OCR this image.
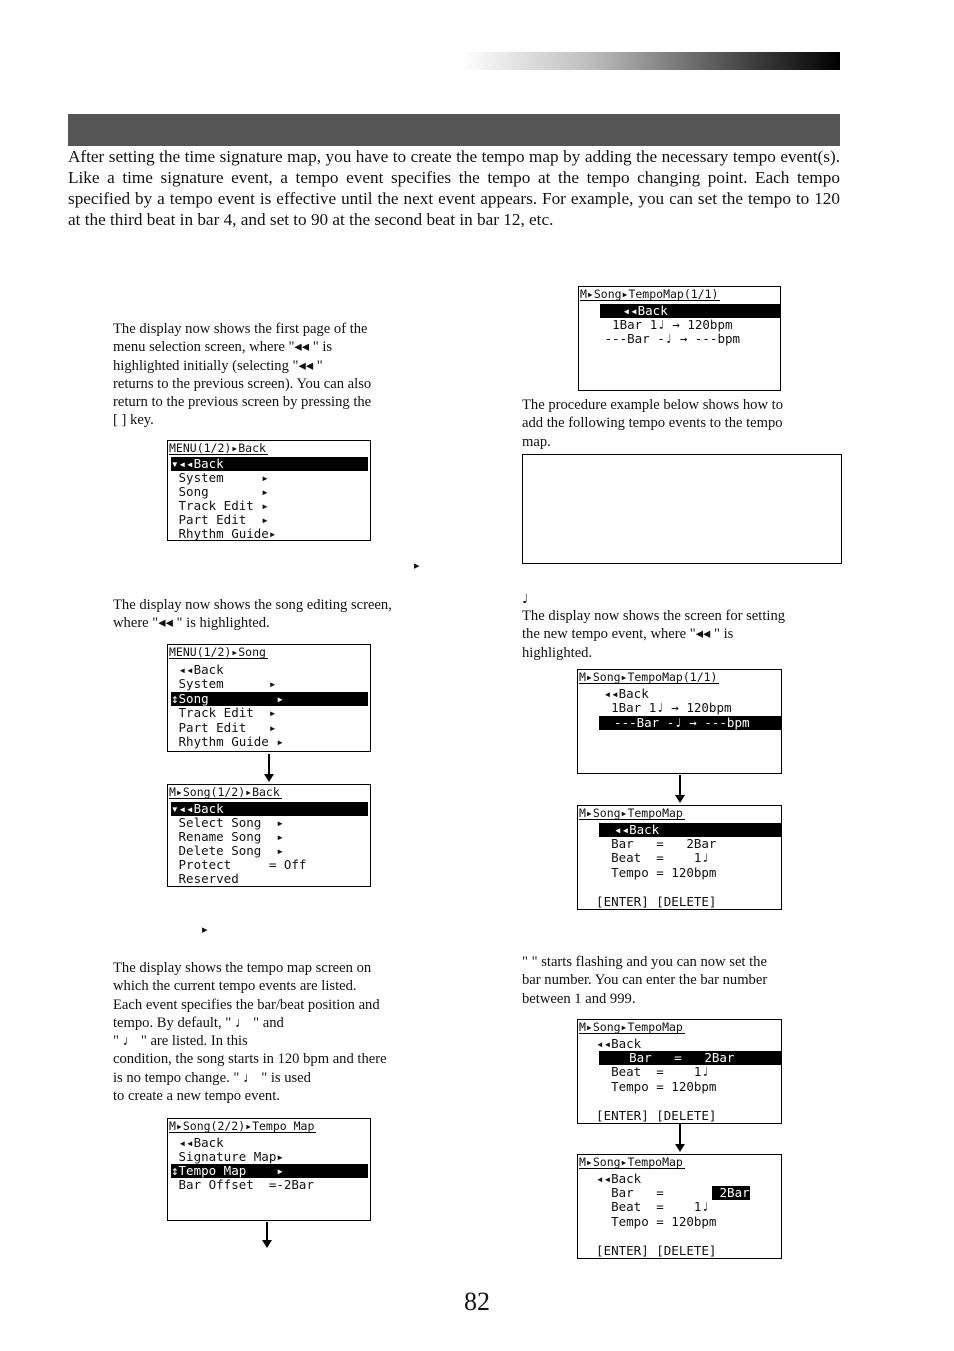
After setting the time signature map, you have to create the tempo map by adding the necessary tempo event(s). Like a time signature event, a tempo event specifies the tempo at the tempo changing point. Each tempo specified by a tempo event is effective until the next event appears. For example, you can set the tempo to 120 at the third beat in bar 4, and set to 90 at the second beat in bar 12, etc.

The display now shows the first page of the
menu selection screen, where "◂◂ " is
highlighted initially (selecting "◂◂ "
returns to the previous screen). You can also
return to the previous screen by pressing the
[ ] key.
MENU(1/2)▸Back
▾◂◂Back
System     ▸
Song       ▸
Track Edit ▸
Part Edit  ▸
Rhythm Guide▸
▸
The display now shows the song editing screen,
where "◂◂ " is highlighted.
MENU(1/2)▸Song
◂◂Back
System      ▸
↕Song         ▸
Track Edit  ▸
Part Edit   ▸
Rhythm Guide ▸
M▸Song(1/2)▸Back
▾◂◂Back
Select Song  ▸
Rename Song  ▸
Delete Song  ▸
Protect     = Off
Reserved
▸
The display shows the tempo map screen on
which the current tempo events are listed.
Each event specifies the bar/beat position and
tempo. By default, " ♩ " and
" ♩ " are listed. In this
condition, the song starts in 120 bpm and there
is no tempo change. " ♩ " is used
to create a new tempo event.
M▸Song(2/2)▸Tempo Map
◂◂Back
Signature Map▸
↕Tempo Map    ▸
Bar Offset  =-2Bar
M▸Song▸TempoMap(1/1)
◂◂Back
1Bar 1♩ → 120bpm
---Bar -♩ → ---bpm
The procedure example below shows how to
add the following tempo events to the tempo
map.
♩
The display now shows the screen for setting
the new tempo event, where "◂◂ " is
highlighted.
M▸Song▸TempoMap(1/1)
◂◂Back
1Bar 1♩ → 120bpm
---Bar -♩ → ---bpm
M▸Song▸TempoMap
◂◂Back
Bar   =   2Bar
Beat  =    1♩
Tempo = 120bpm
[ENTER] [DELETE]
" " starts flashing and you can now set the
bar number. You can enter the bar number
between 1 and 999.
M▸Song▸TempoMap
◂◂Back
Bar   =   2Bar
Beat  =    1♩
Tempo = 120bpm
[ENTER] [DELETE]
M▸Song▸TempoMap
◂◂Back
Bar   =	2Bar
Beat  =    1♩
Tempo = 120bpm
[ENTER] [DELETE]
82
